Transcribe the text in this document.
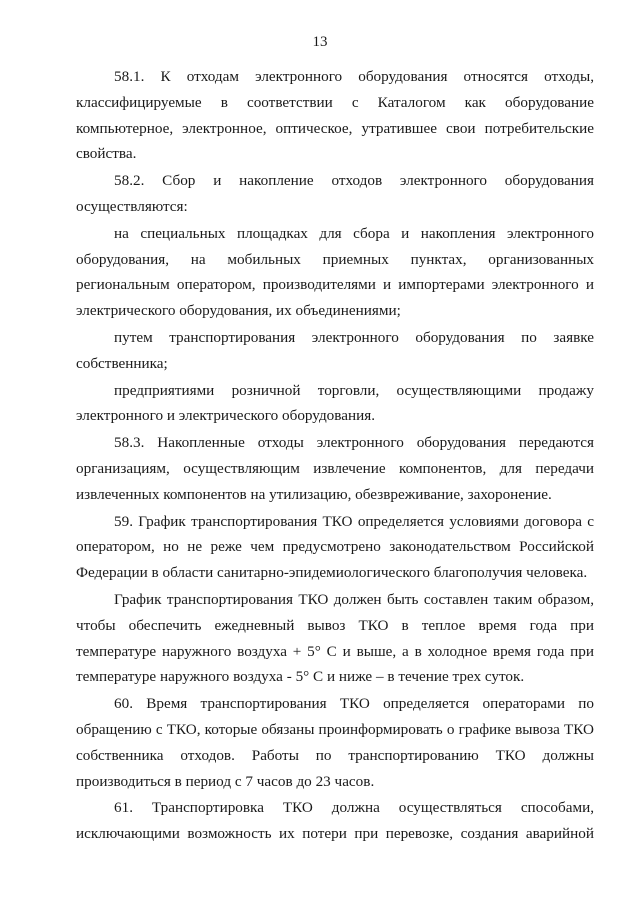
13

58.1. К отходам электронного оборудования относятся отходы, классифицируемые в соответствии с Каталогом как оборудование компьютерное, электронное, оптическое, утратившее свои потребительские свойства.

58.2. Сбор и накопление отходов электронного оборудования осуществляются:

на специальных площадках для сбора и накопления электронного оборудования, на мобильных приемных пунктах, организованных региональным оператором, производителями и импортерами электронного и электрического оборудования, их объединениями;

путем транспортирования электронного оборудования по заявке собственника;

предприятиями розничной торговли, осуществляющими продажу электронного и электрического оборудования.

58.3. Накопленные отходы электронного оборудования передаются организациям, осуществляющим извлечение компонентов, для передачи извлеченных компонентов на утилизацию, обезвреживание, захоронение.

59. График транспортирования ТКО определяется условиями договора с оператором, но не реже чем предусмотрено законодательством Российской Федерации в области санитарно-эпидемиологического благополучия человека.

График транспортирования ТКО должен быть составлен таким образом, чтобы обеспечить ежедневный вывоз ТКО в теплое время года при температуре наружного воздуха + 5° С и выше, а в холодное время года при температуре наружного воздуха - 5° С и ниже – в течение трех суток.

60. Время транспортирования ТКО определяется операторами по обращению с ТКО, которые обязаны проинформировать о графике вывоза ТКО собственника отходов. Работы по транспортированию ТКО должны производиться в период с 7 часов до 23 часов.

61. Транспортировка ТКО должна осуществляться способами, исключающими возможность их потери при перевозке, создания аварийной
